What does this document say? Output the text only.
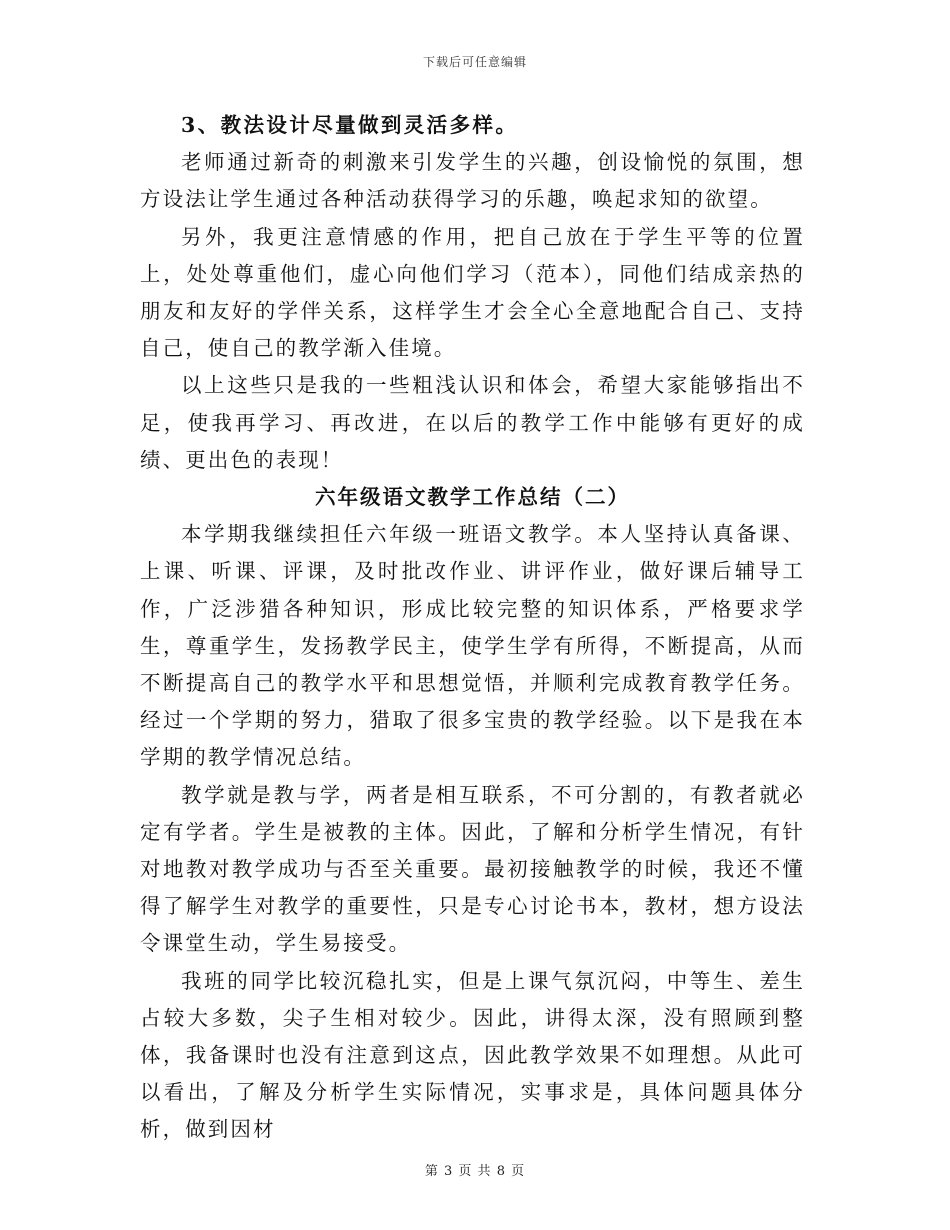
下载后可任意编辑

3、教法设计尽量做到灵活多样。

老师通过新奇的刺激来引发学生的兴趣，创设愉悦的氛围，想方设法让学生通过各种活动获得学习的乐趣，唤起求知的欲望。

另外，我更注意情感的作用，把自己放在于学生平等的位置上，处处尊重他们，虚心向他们学习（范本），同他们结成亲热的朋友和友好的学伴关系，这样学生才会全心全意地配合自己、支持自己，使自己的教学渐入佳境。

以上这些只是我的一些粗浅认识和体会，希望大家能够指出不足，使我再学习、再改进，在以后的教学工作中能够有更好的成绩、更出色的表现！

六年级语文教学工作总结（二）

本学期我继续担任六年级一班语文教学。本人坚持认真备课、上课、听课、评课，及时批改作业、讲评作业，做好课后辅导工作，广泛涉猎各种知识，形成比较完整的知识体系，严格要求学生，尊重学生，发扬教学民主，使学生学有所得，不断提高，从而不断提高自己的教学水平和思想觉悟，并顺利完成教育教学任务。经过一个学期的努力，猎取了很多宝贵的教学经验。以下是我在本学期的教学情况总结。

教学就是教与学，两者是相互联系，不可分割的，有教者就必定有学者。学生是被教的主体。因此，了解和分析学生情况，有针对地教对教学成功与否至关重要。最初接触教学的时候，我还不懂得了解学生对教学的重要性，只是专心讨论书本，教材，想方设法令课堂生动，学生易接受。

我班的同学比较沉稳扎实，但是上课气氛沉闷，中等生、差生占较大多数，尖子生相对较少。因此，讲得太深，没有照顾到整体，我备课时也没有注意到这点，因此教学效果不如理想。从此可以看出，了解及分析学生实际情况，实事求是，具体问题具体分析，做到因材

第 3 页 共 8 页
